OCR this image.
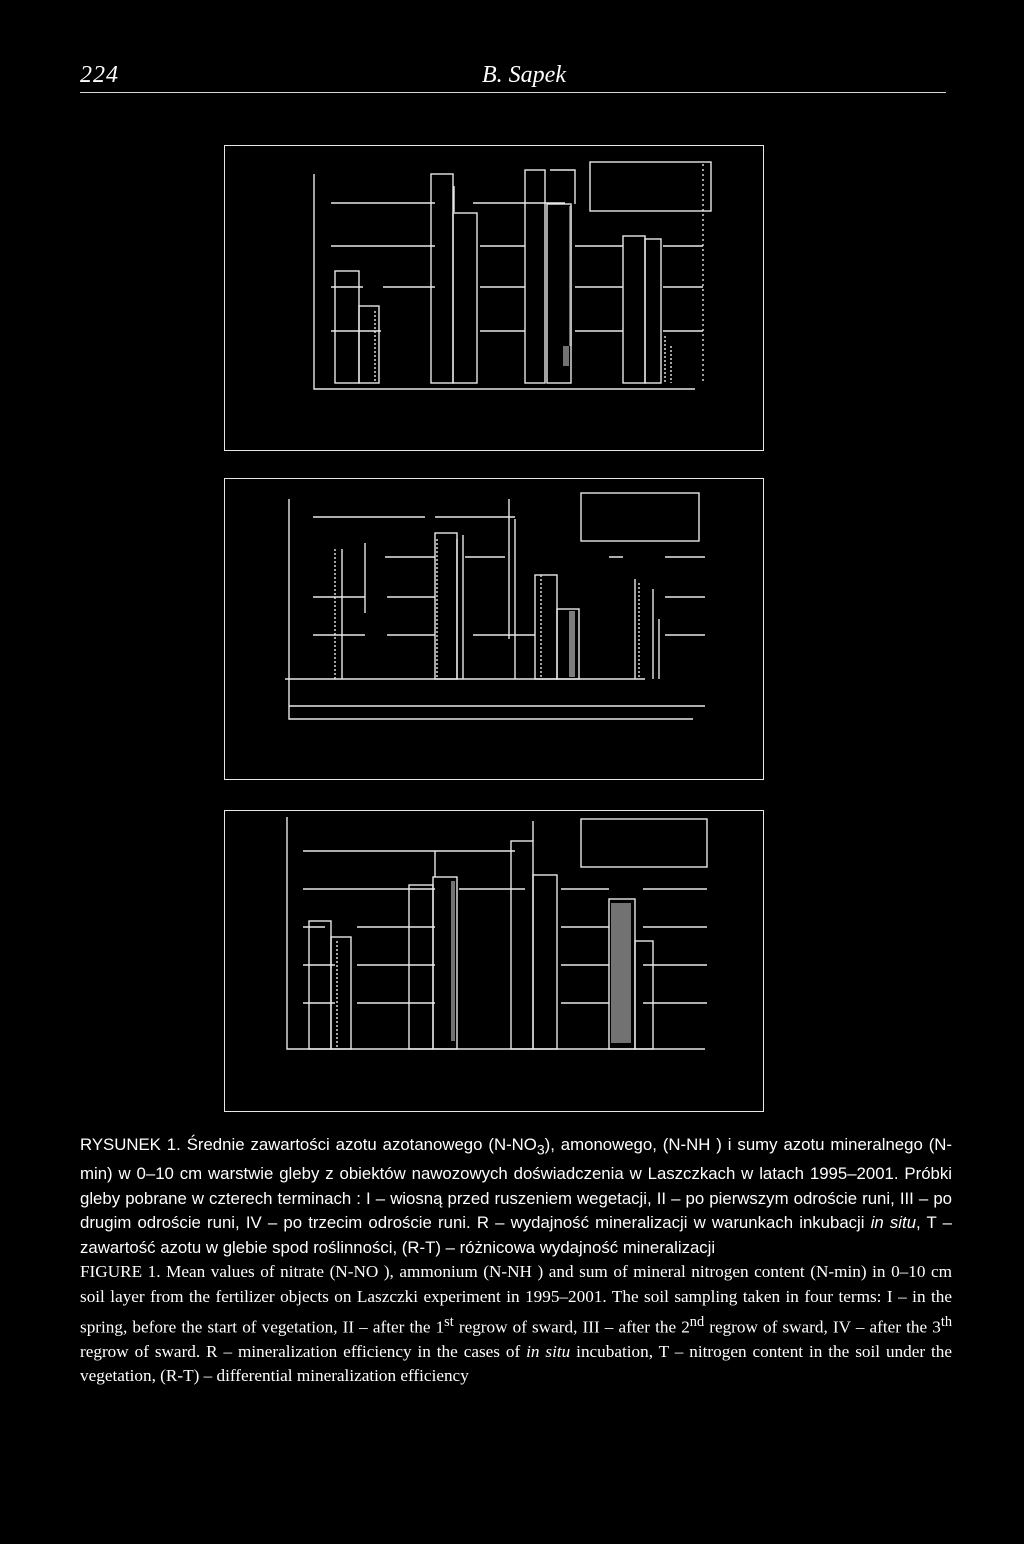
224	B. Sapek

RYSUNEK 1. Średnie zawartości azotu azotanowego $(N-NO_3)$, amonowego, (N-NH ) i sumy azotu mineralnego (N-min) w 0–10 cm warstwie gleby z obiektów nawozowych doświadczenia w Laszczkach w latach 1995–2001. Próbki gleby pobrane w czterech terminach : I – wiosną przed ruszeniem wegetacji, II – po pierwszym odroście runi, III – po drugim odroście runi, IV – po trzecim odroście runi. R – wydajność mineralizacji w warunkach inkubacji in situ, T – zawartość azotu w glebie spod roślinności, (R-T) – różnicowa wydajność mineralizacji

FIGURE 1. Mean values of nitrate (N-NO ), ammonium (N-NH ) and sum of mineral nitrogen content (N-min) in 0–10 cm soil layer from the fertilizer objects on Laszczki experiment in 1995–2001. The soil sampling taken in four terms: I – in the spring, before the start of vegetation, II – after the 1st regrow of sward, III – after the 2nd regrow of sward, IV – after the 3th regrow of sward. R – mineralization efficiency in the cases of in situ incubation, T – nitrogen content in the soil under the vegetation, (R-T) – differential mineralization efficiency
